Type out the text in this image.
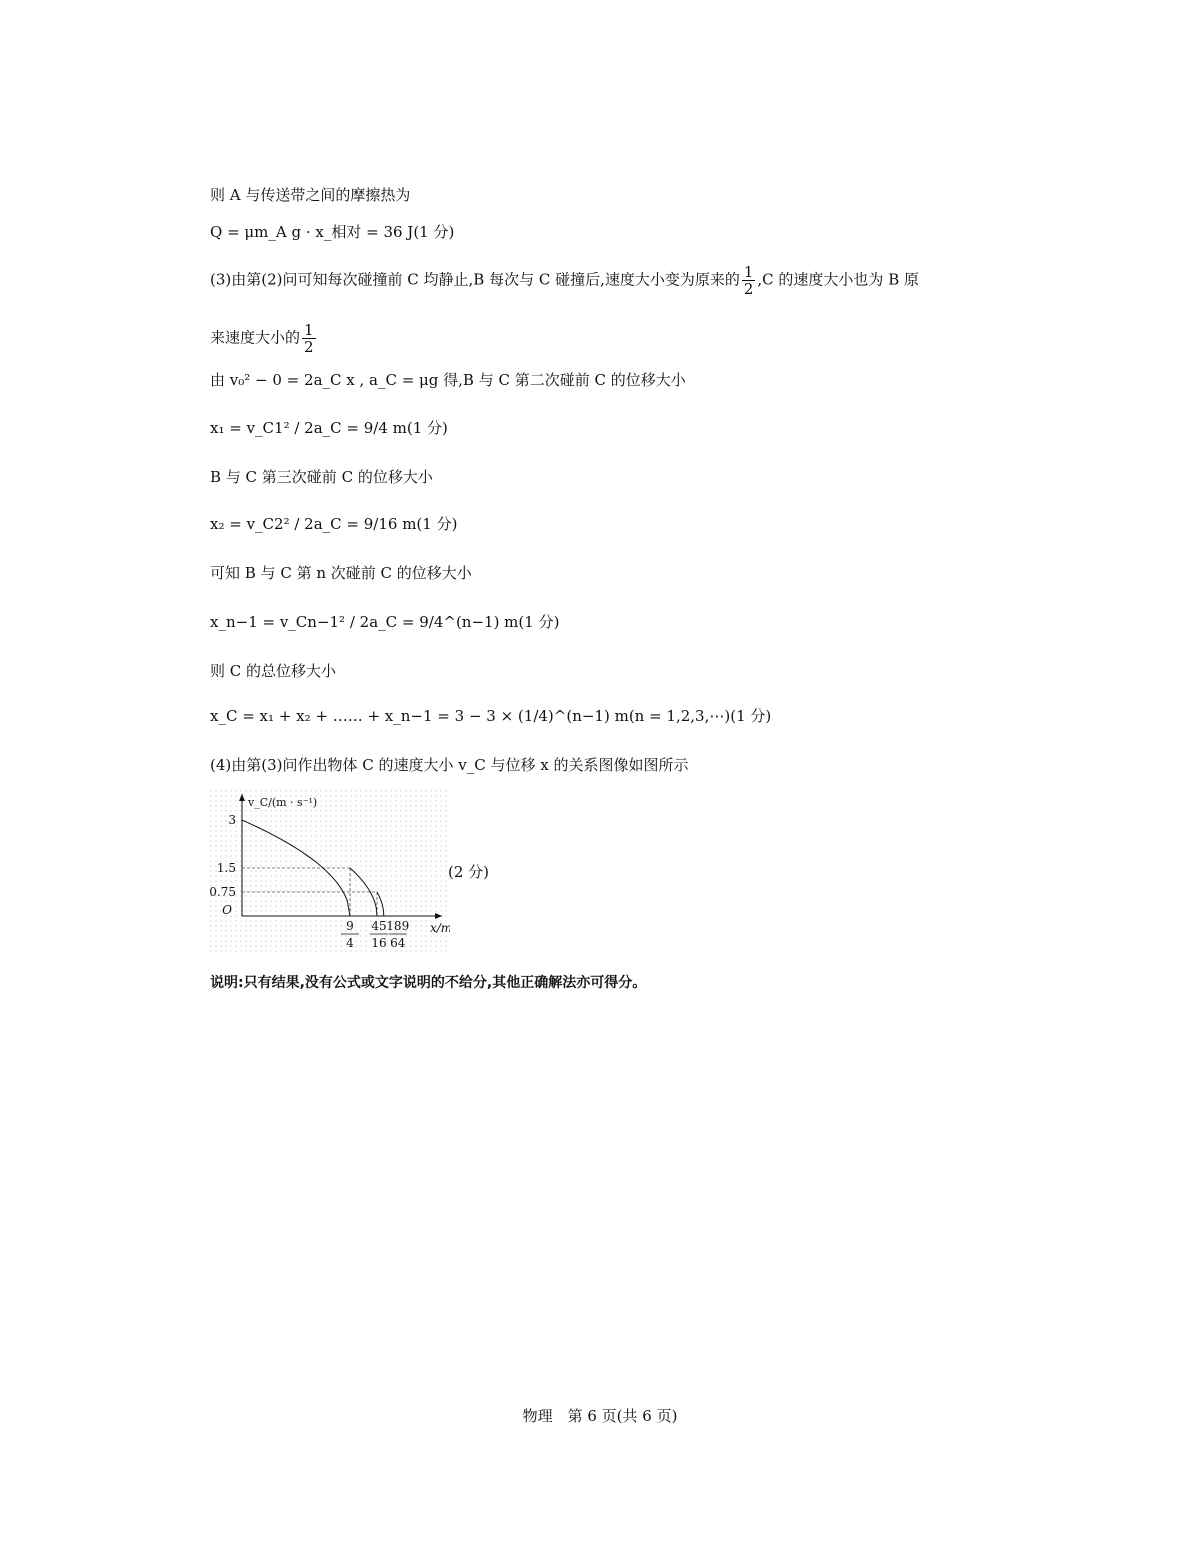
则 A 与传送带之间的摩擦热为
Q = μm_A g · x_相对 = 36 J(1 分)
(3)由第(2)问可知每次碰撞前 C 均静止,B 每次与 C 碰撞后,速度大小变为原来的 $\frac{1}{2} ,C$ 的速度大小也为 B 原
来速度大小的 $\frac{1}{2}$
由 v₀² − 0 = 2a_C x , a_C = μg 得,B 与 C 第二次碰前 C 的位移大小
x₁ = v_C1² / 2a_C = 9/4 m(1 分)
B 与 C 第三次碰前 C 的位移大小
x₂ = v_C2² / 2a_C = 9/16 m(1 分)
可知 B 与 C 第 n 次碰前 C 的位移大小
x_n−1 = v_Cn−1² / 2a_C = 9/4^(n−1) m(1 分)
则 C 的总位移大小
x_C = x₁ + x₂ + …… + x_n−1 = 3 − 3 × (1/4)^(n−1) m(n = 1,2,3,⋯)(1 分)
(4)由第(3)问作出物体 C 的速度大小 v_C 与位移 x 的关系图像如图所示
v_C/(m · s⁻¹)
x/m
O
3
1.5
0.75
9
4
45
16
189
64
(2 分)
说明:只有结果,没有公式或文字说明的不给分,其他正确解法亦可得分。
物理　第 6 页(共 6 页)
